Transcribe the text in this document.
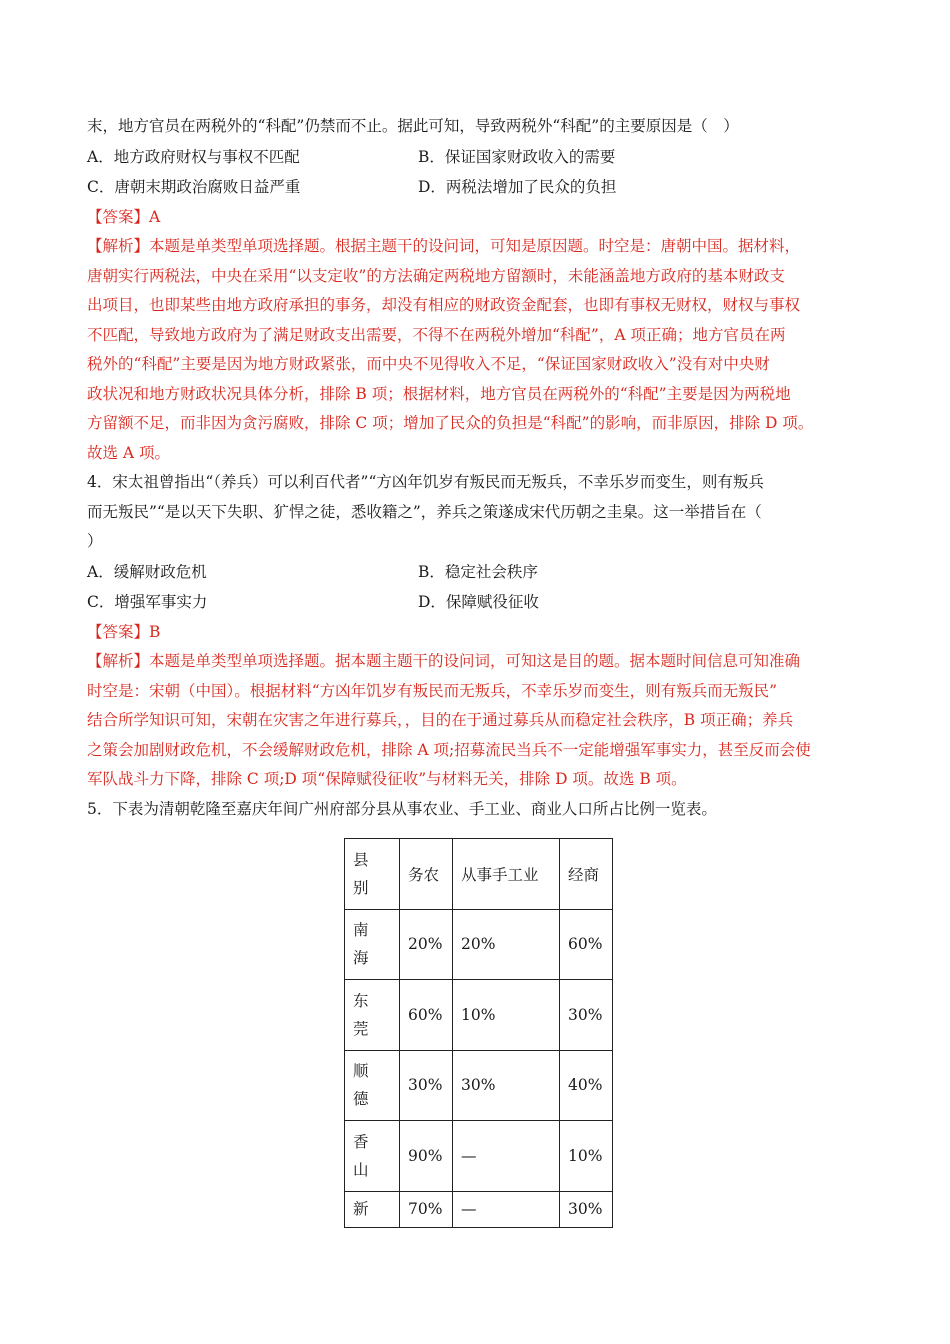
末，地方官员在两税外的“科配”仍禁而不止。据此可知，导致两税外“科配”的主要原因是（　）
A．地方政府财权与事权不匹配	B．保证国家财政收入的需要
C．唐朝末期政治腐败日益严重	D．两税法增加了民众的负担
【答案】A
【解析】本题是单类型单项选择题。根据主题干的设问词，可知是原因题。时空是：唐朝中国。据材料，
唐朝实行两税法，中央在采用“以支定收”的方法确定两税地方留额时，未能涵盖地方政府的基本财政支
出项目，也即某些由地方政府承担的事务，却没有相应的财政资金配套，也即有事权无财权，财权与事权
不匹配，导致地方政府为了满足财政支出需要，不得不在两税外增加“科配”，A 项正确；地方官员在两
税外的“科配”主要是因为地方财政紧张，而中央不见得收入不足，“保证国家财政收入”没有对中央财
政状况和地方财政状况具体分析，排除 B 项；根据材料，地方官员在两税外的“科配”主要是因为两税地
方留额不足，而非因为贪污腐败，排除 C 项；增加了民众的负担是“科配”的影响，而非原因，排除 D 项。
故选 A 项。
4．宋太祖曾指出“（养兵）可以利百代者”“方凶年饥岁有叛民而无叛兵，不幸乐岁而变生，则有叛兵
而无叛民”“是以天下失职、犷悍之徒，悉收籍之”，养兵之策遂成宋代历朝之圭臬。这一举措旨在（
）
A．缓解财政危机	B．稳定社会秩序
C．增强军事实力	D．保障赋役征收
【答案】B
【解析】本题是单类型单项选择题。据本题主题干的设问词，可知这是目的题。据本题时间信息可知准确
时空是：宋朝（中国）。根据材料“方凶年饥岁有叛民而无叛兵，不幸乐岁而变生，则有叛兵而无叛民”
结合所学知识可知，宋朝在灾害之年进行募兵，，目的在于通过募兵从而稳定社会秩序，B 项正确；养兵
之策会加剧财政危机，不会缓解财政危机，排除 A 项;招募流民当兵不一定能增强军事实力，甚至反而会使
军队战斗力下降，排除 C 项;D 项“保障赋役征收”与材料无关，排除 D 项。故选 B 项。
5．下表为清朝乾隆至嘉庆年间广州府部分县从事农业、手工业、商业人口所占比例一览表。
县别	务农	从事手工业	经商

南海	20%	20%	60%

东莞	60%	10%	30%

顺德	30%	30%	40%

香山	90%	—	10%
新	70%	—	30%
